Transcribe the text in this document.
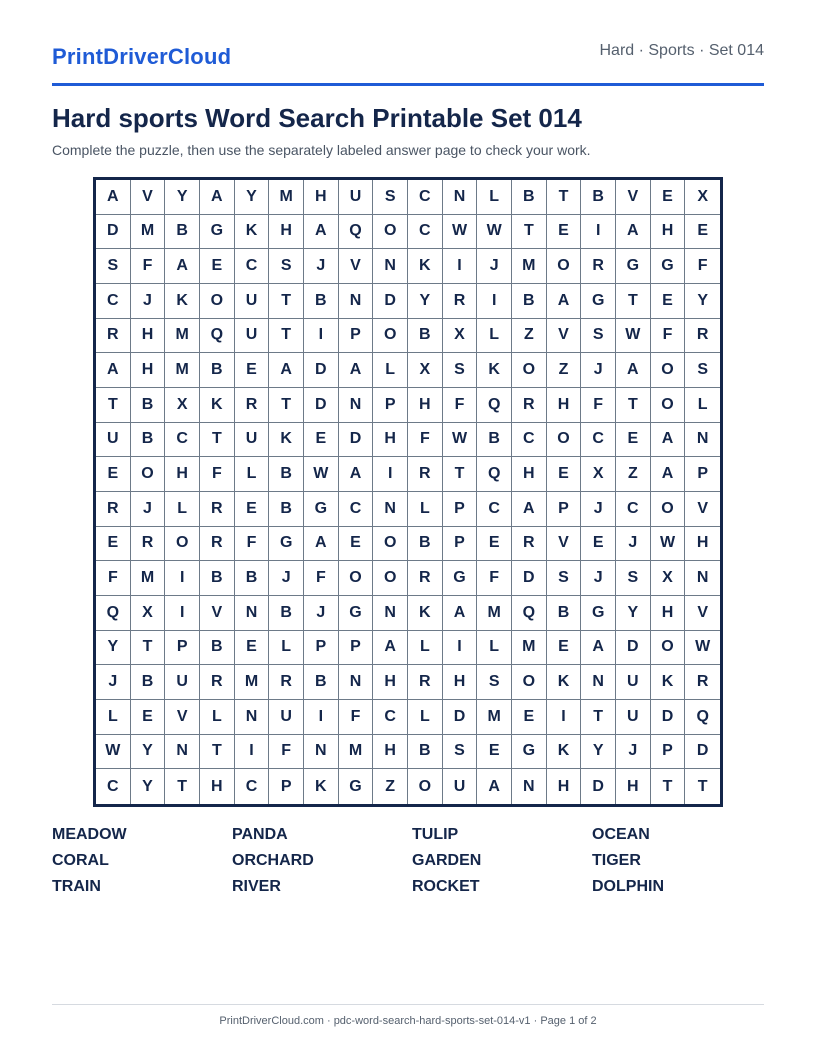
PrintDriverCloud	Hard · Sports · Set 014
Hard sports Word Search Printable Set 014

Complete the puzzle, then use the separately labeled answer page to check your work.

A	V	Y	A	Y	M	H	U	S	C	N	L	B	T	B	V	E	X
D	M	B	G	K	H	A	Q	O	C	W	W	T	E	I	A	H	E
S	F	A	E	C	S	J	V	N	K	I	J	M	O	R	G	G	F
C	J	K	O	U	T	B	N	D	Y	R	I	B	A	G	T	E	Y
R	H	M	Q	U	T	I	P	O	B	X	L	Z	V	S	W	F	R
A	H	M	B	E	A	D	A	L	X	S	K	O	Z	J	A	O	S
T	B	X	K	R	T	D	N	P	H	F	Q	R	H	F	T	O	L
U	B	C	T	U	K	E	D	H	F	W	B	C	O	C	E	A	N
E	O	H	F	L	B	W	A	I	R	T	Q	H	E	X	Z	A	P
R	J	L	R	E	B	G	C	N	L	P	C	A	P	J	C	O	V
E	R	O	R	F	G	A	E	O	B	P	E	R	V	E	J	W	H
F	M	I	B	B	J	F	O	O	R	G	F	D	S	J	S	X	N
Q	X	I	V	N	B	J	G	N	K	A	M	Q	B	G	Y	H	V
Y	T	P	B	E	L	P	P	A	L	I	L	M	E	A	D	O	W
J	B	U	R	M	R	B	N	H	R	H	S	O	K	N	U	K	R
L	E	V	L	N	U	I	F	C	L	D	M	E	I	T	U	D	Q
W	Y	N	T	I	F	N	M	H	B	S	E	G	K	Y	J	P	D
C	Y	T	H	C	P	K	G	Z	O	U	A	N	H	D	H	T	T
MEADOW	PANDA	TULIP	OCEAN
CORAL	ORCHARD	GARDEN	TIGER
TRAIN	RIVER	ROCKET	DOLPHIN
PrintDriverCloud.com · pdc-word-search-hard-sports-set-014-v1 · Page 1 of 2
